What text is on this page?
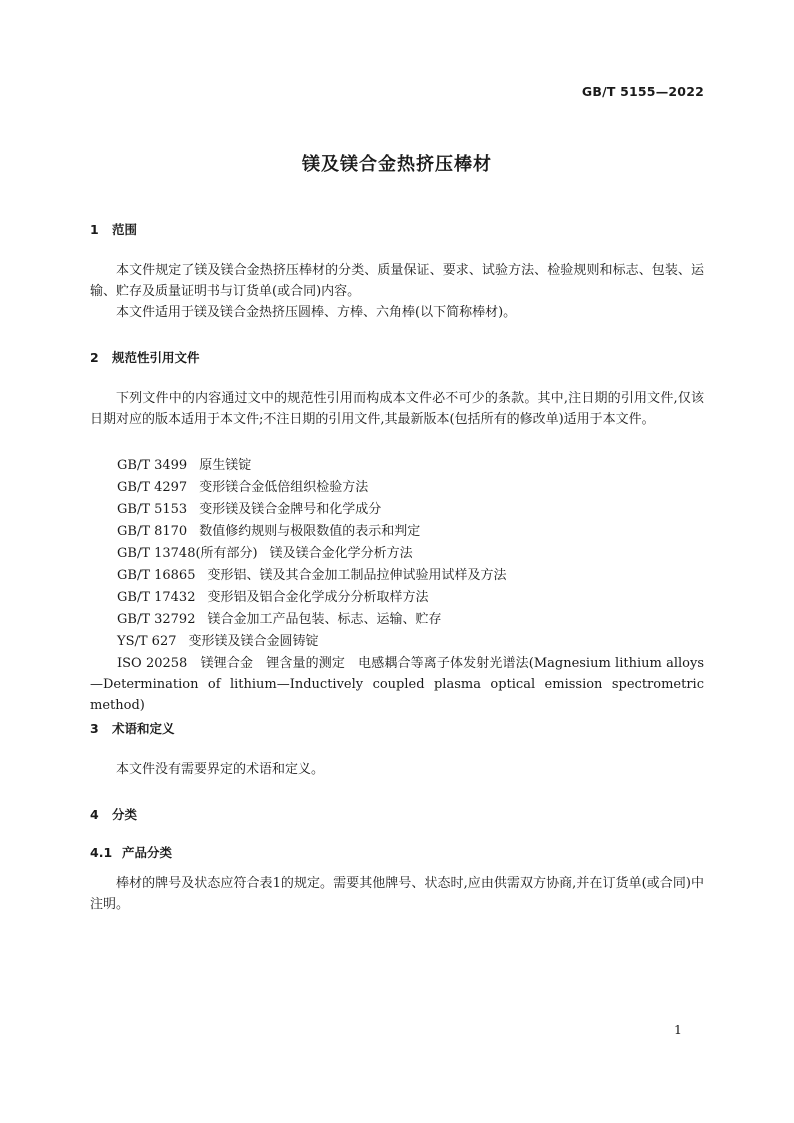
GB/T 5155—2022
镁及镁合金热挤压棒材
1 范围

本文件规定了镁及镁合金热挤压棒材的分类、质量保证、要求、试验方法、检验规则和标志、包装、运输、贮存及质量证明书与订货单(或合同)内容。

本文件适用于镁及镁合金热挤压圆棒、方棒、六角棒(以下简称棒材)。

2 规范性引用文件

下列文件中的内容通过文中的规范性引用而构成本文件必不可少的条款。其中,注日期的引用文件,仅该日期对应的版本适用于本文件;不注日期的引用文件,其最新版本(包括所有的修改单)适用于本文件。

GB/T 3499 原生镁锭
GB/T 4297 变形镁合金低倍组织检验方法
GB/T 5153 变形镁及镁合金牌号和化学成分
GB/T 8170 数值修约规则与极限数值的表示和判定
GB/T 13748(所有部分) 镁及镁合金化学分析方法
GB/T 16865 变形铝、镁及其合金加工制品拉伸试验用试样及方法
GB/T 17432 变形铝及铝合金化学成分分析取样方法
GB/T 32792 镁合金加工产品包装、标志、运输、贮存
YS/T 627 变形镁及镁合金圆铸锭

ISO 20258　镁锂合金　锂含量的测定　电感耦合等离子体发射光谱法(Magnesium lithium alloys—Determination of lithium—Inductively coupled plasma optical emission spectrometric method)

3 术语和定义

本文件没有需要界定的术语和定义。

4 分类
4.1 产品分类

棒材的牌号及状态应符合表1的规定。需要其他牌号、状态时,应由供需双方协商,并在订货单(或合同)中注明。

1
